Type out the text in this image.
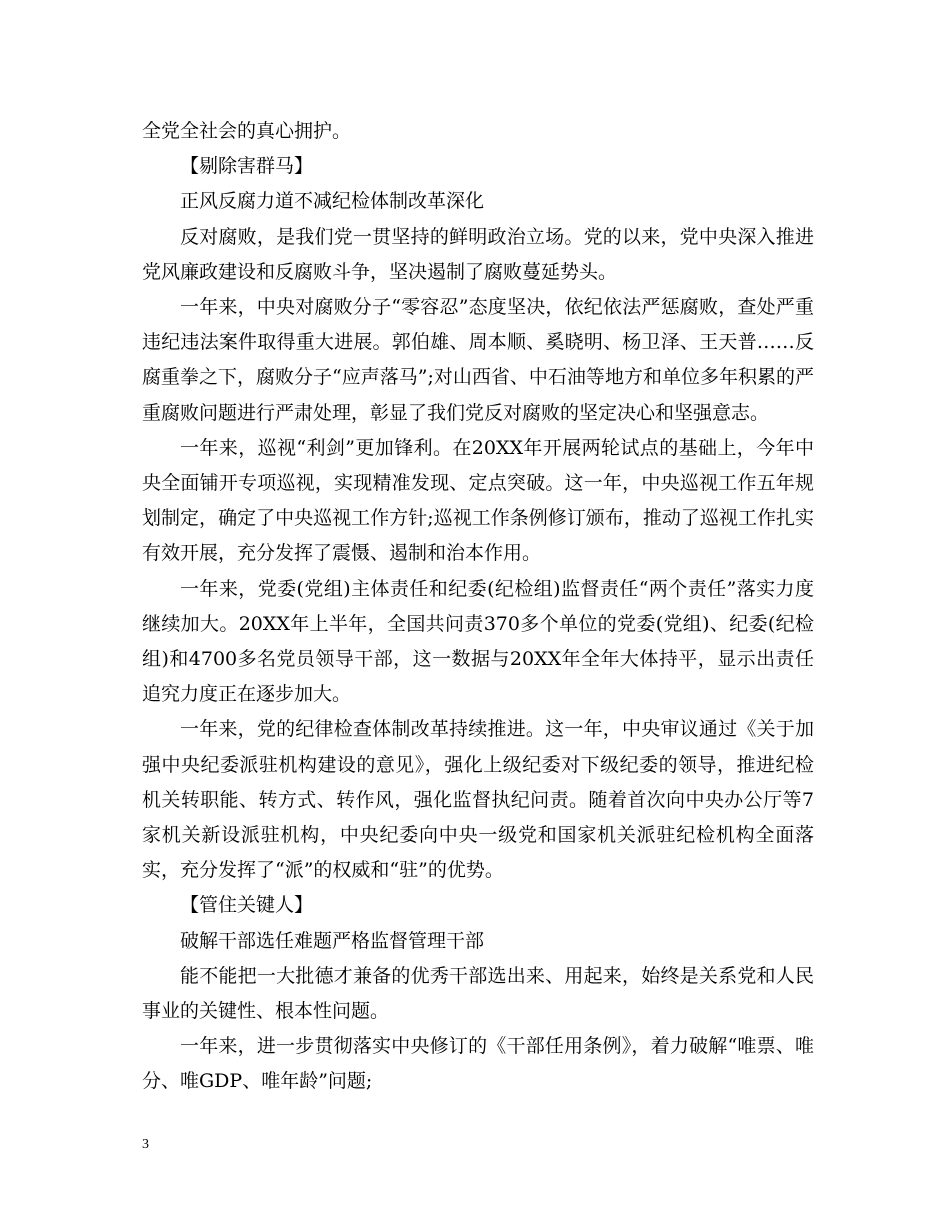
全党全社会的真心拥护。

【剔除害群马】

正风反腐力道不减纪检体制改革深化

反对腐败，是我们党一贯坚持的鲜明政治立场。党的以来，党中央深入推进党风廉政建设和反腐败斗争，坚决遏制了腐败蔓延势头。

一年来，中央对腐败分子“零容忍”态度坚决，依纪依法严惩腐败，查处严重违纪违法案件取得重大进展。郭伯雄、周本顺、奚晓明、杨卫泽、王天普……反腐重拳之下，腐败分子“应声落马”;对山西省、中石油等地方和单位多年积累的严重腐败问题进行严肃处理，彰显了我们党反对腐败的坚定决心和坚强意志。

一年来，巡视“利剑”更加锋利。在20XX年开展两轮试点的基础上，今年中央全面铺开专项巡视，实现精准发现、定点突破。这一年，中央巡视工作五年规划制定，确定了中央巡视工作方针;巡视工作条例修订颁布，推动了巡视工作扎实有效开展，充分发挥了震慑、遏制和治本作用。

一年来，党委(党组)主体责任和纪委(纪检组)监督责任“两个责任”落实力度继续加大。20XX年上半年，全国共问责370多个单位的党委(党组)、纪委(纪检组)和4700多名党员领导干部，这一数据与20XX年全年大体持平，显示出责任追究力度正在逐步加大。

一年来，党的纪律检查体制改革持续推进。这一年，中央审议通过《关于加强中央纪委派驻机构建设的意见》，强化上级纪委对下级纪委的领导，推进纪检机关转职能、转方式、转作风，强化监督执纪问责。随着首次向中央办公厅等7家机关新设派驻机构，中央纪委向中央一级党和国家机关派驻纪检机构全面落实，充分发挥了“派”的权威和“驻”的优势。

【管住关键人】

破解干部选任难题严格监督管理干部

能不能把一大批德才兼备的优秀干部选出来、用起来，始终是关系党和人民事业的关键性、根本性问题。

一年来，进一步贯彻落实中央修订的《干部任用条例》，着力破解“唯票、唯分、唯GDP、唯年龄”问题;

3
